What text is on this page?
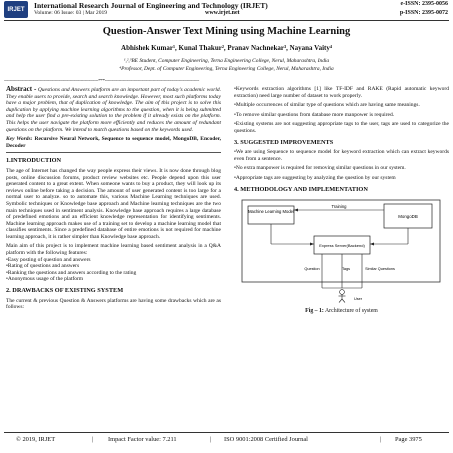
IRJET	International Research Journal of Engineering and Technology (IRJET)
Volume: 06 Issue: 03 | Mar 2019	www.irjet.net
e-ISSN: 2395-0056
p-ISSN: 2395-0072
Question-Answer Text Mining using Machine Learning
Abhishek Kumar¹, Kunal Thakur², Pranav Nachnekar³, Nayana Vaity⁴
¹,²,³BE Student, Computer Engineering, Terna Engineering College, Nerul, Maharashtra, India
⁴Professor, Dept. of Computer Engineering, Terna Engineering College, Nerul, Maharashtra, India
---------------------------------------------------------------------***---------------------------------------------------------------------

Abstract - Questions and Answers platform are an important part of today's academic world. They enable users to provide, search and search knowledge. However, most such platforms today have a major problem, that of duplication of knowledge. The aim of this project is to solve this duplication by applying machine learning algorithms to the question, when it is being submitted and help the user find a pre-existing solution to the problem if it already exists on the platform. This helps the user navigate the platform more efficiently and reduces the amount of redundant questions on the platform. We intend to match questions based on the keywords used.

Key Words: Recursive Neural Network, Sequence to sequence model, MongoDB, Encoder, Decoder

1.INTRODUCTION

The age of Internet has changed the way people express their views. It is now done through blog posts, online discussion forums, product review websites etc. People depend upon this user generated content to a great extent. When someone wants to buy a product, they will look up its reviews online before taking a decision. The amount of user generated content is too large for a normal user to analyze. so to automate this, various Machine Learning techniques are used. Symbolic techniques or Knowledge base approach and Machine learning techniques are the two main techniques used in sentiment analysis. Knowledge base approach requires a large database of predefined emotions and an efficient knowledge representation for identifying sentiments. Machine learning approach makes use of a training set to develop a machine learning model that classifies sentiments. Since a predefined database of entire emotions is not required for machine learning approach, it is rather simpler than Knowledge base approach.

Main aim of this project is to implement machine learning based sentiment analysis in a Q&A platform with the following features:

•Easy posting of question and answers
•Rating of questions and answers
•Ranking the questions and answers according to the rating
•Anonymous usage of the platform
2. DRAWBACKS OF EXISTING SYSTEM

The current & previous Question & Answers platforms are having some drawbacks which are as follows:

•Keywords extraction algorithms [1] like TF-IDF and RAKE (Rapid automatic keyword extraction) need large number of dataset to work properly.

•Multiple occurrences of similar type of questions which are having same meanings.

•To remove similar questions from database more manpower is required.

•Existing systems are not suggesting appropriate tags to the user, tags are used to categorize the questions.

3. SUGGESTED IMPROVEMENTS

•We are using Sequence to sequence model for keyword extraction which can extract keywords even from a sentence.

•No extra manpower is required for removing similar questions in our system.

•Appropriate tags are suggesting by analyzing the question by our system

4. METHODOLOGY AND IMPLEMENTATION
Machine Learning Model
Training
MongoDB
Express Server(Backend)
Question	Tags	Similar Questions
User
Fig – 1: Architecture of system
© 2019, IRJET	| Impact Factor value: 7.211	| ISO 9001:2008 Certified Journal	| Page 3975
